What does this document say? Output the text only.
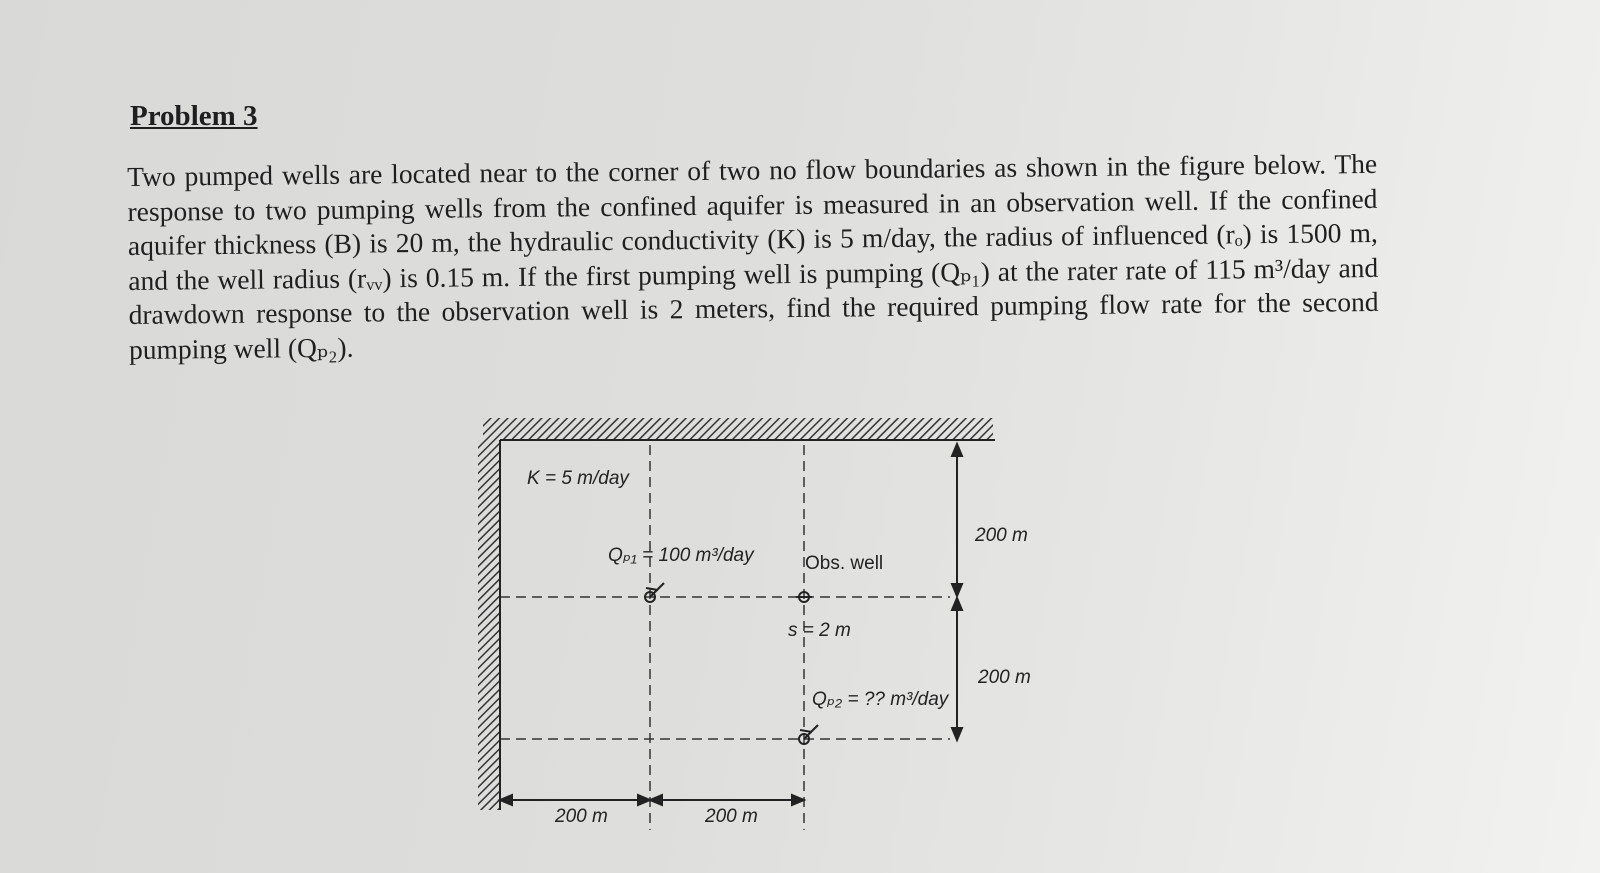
Problem 3

Two pumped wells are located near to the corner of two no flow boundaries as shown in the figure below. The response to two pumping wells from the confined aquifer is measured in an observation well. If the confined aquifer thickness (B) is 20 m, the hydraulic conductivity (K) is 5 m/day, the radius of influenced (rₒ) is 1500 m, and the well radius (rᵥᵥ) is 0.15 m. If the first pumping well is pumping (Qₚ₁) at the rater rate of 115 m³/day and drawdown response to the observation well is 2 meters, find the required pumping flow rate for the second pumping well (Qₚ₂).

K = 5 m/day
Qₚ₁ = 100 m³/day	Obs. well
s = 2 m
Qₚ₂ = ?? m³/day
200 m
200 m
200 m	200 m
